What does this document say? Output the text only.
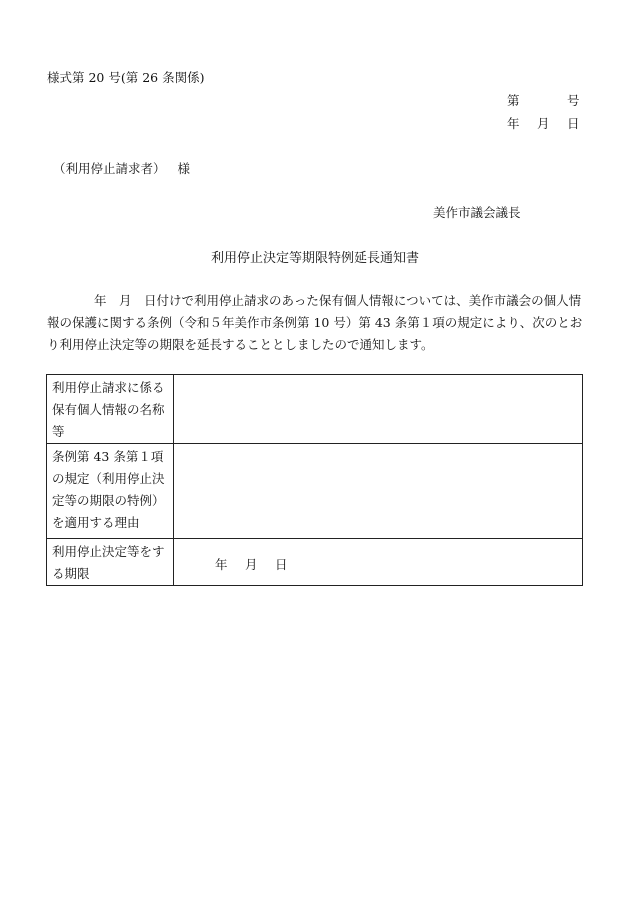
様式第 20 号(第 26 条関係)
第	号
年 月 日
（利用停止請求者） 様
美作市議会議長
利用停止決定等期限特例延長通知書
年　月　日付けで利用停止請求のあった保有個人情報については、美作市議会の個人情報の保護に関する条例（令和５年美作市条例第 10 号）第 43 条第１項の規定により、次のとおり利用停止決定等の期限を延長することとしましたので通知します。
利用停止請求に係る保有個人情報の名称等	
条例第 43 条第１項の規定（利用停止決定等の期限の特例）を適用する理由	
利用停止決定等をする期限	年 月 日
